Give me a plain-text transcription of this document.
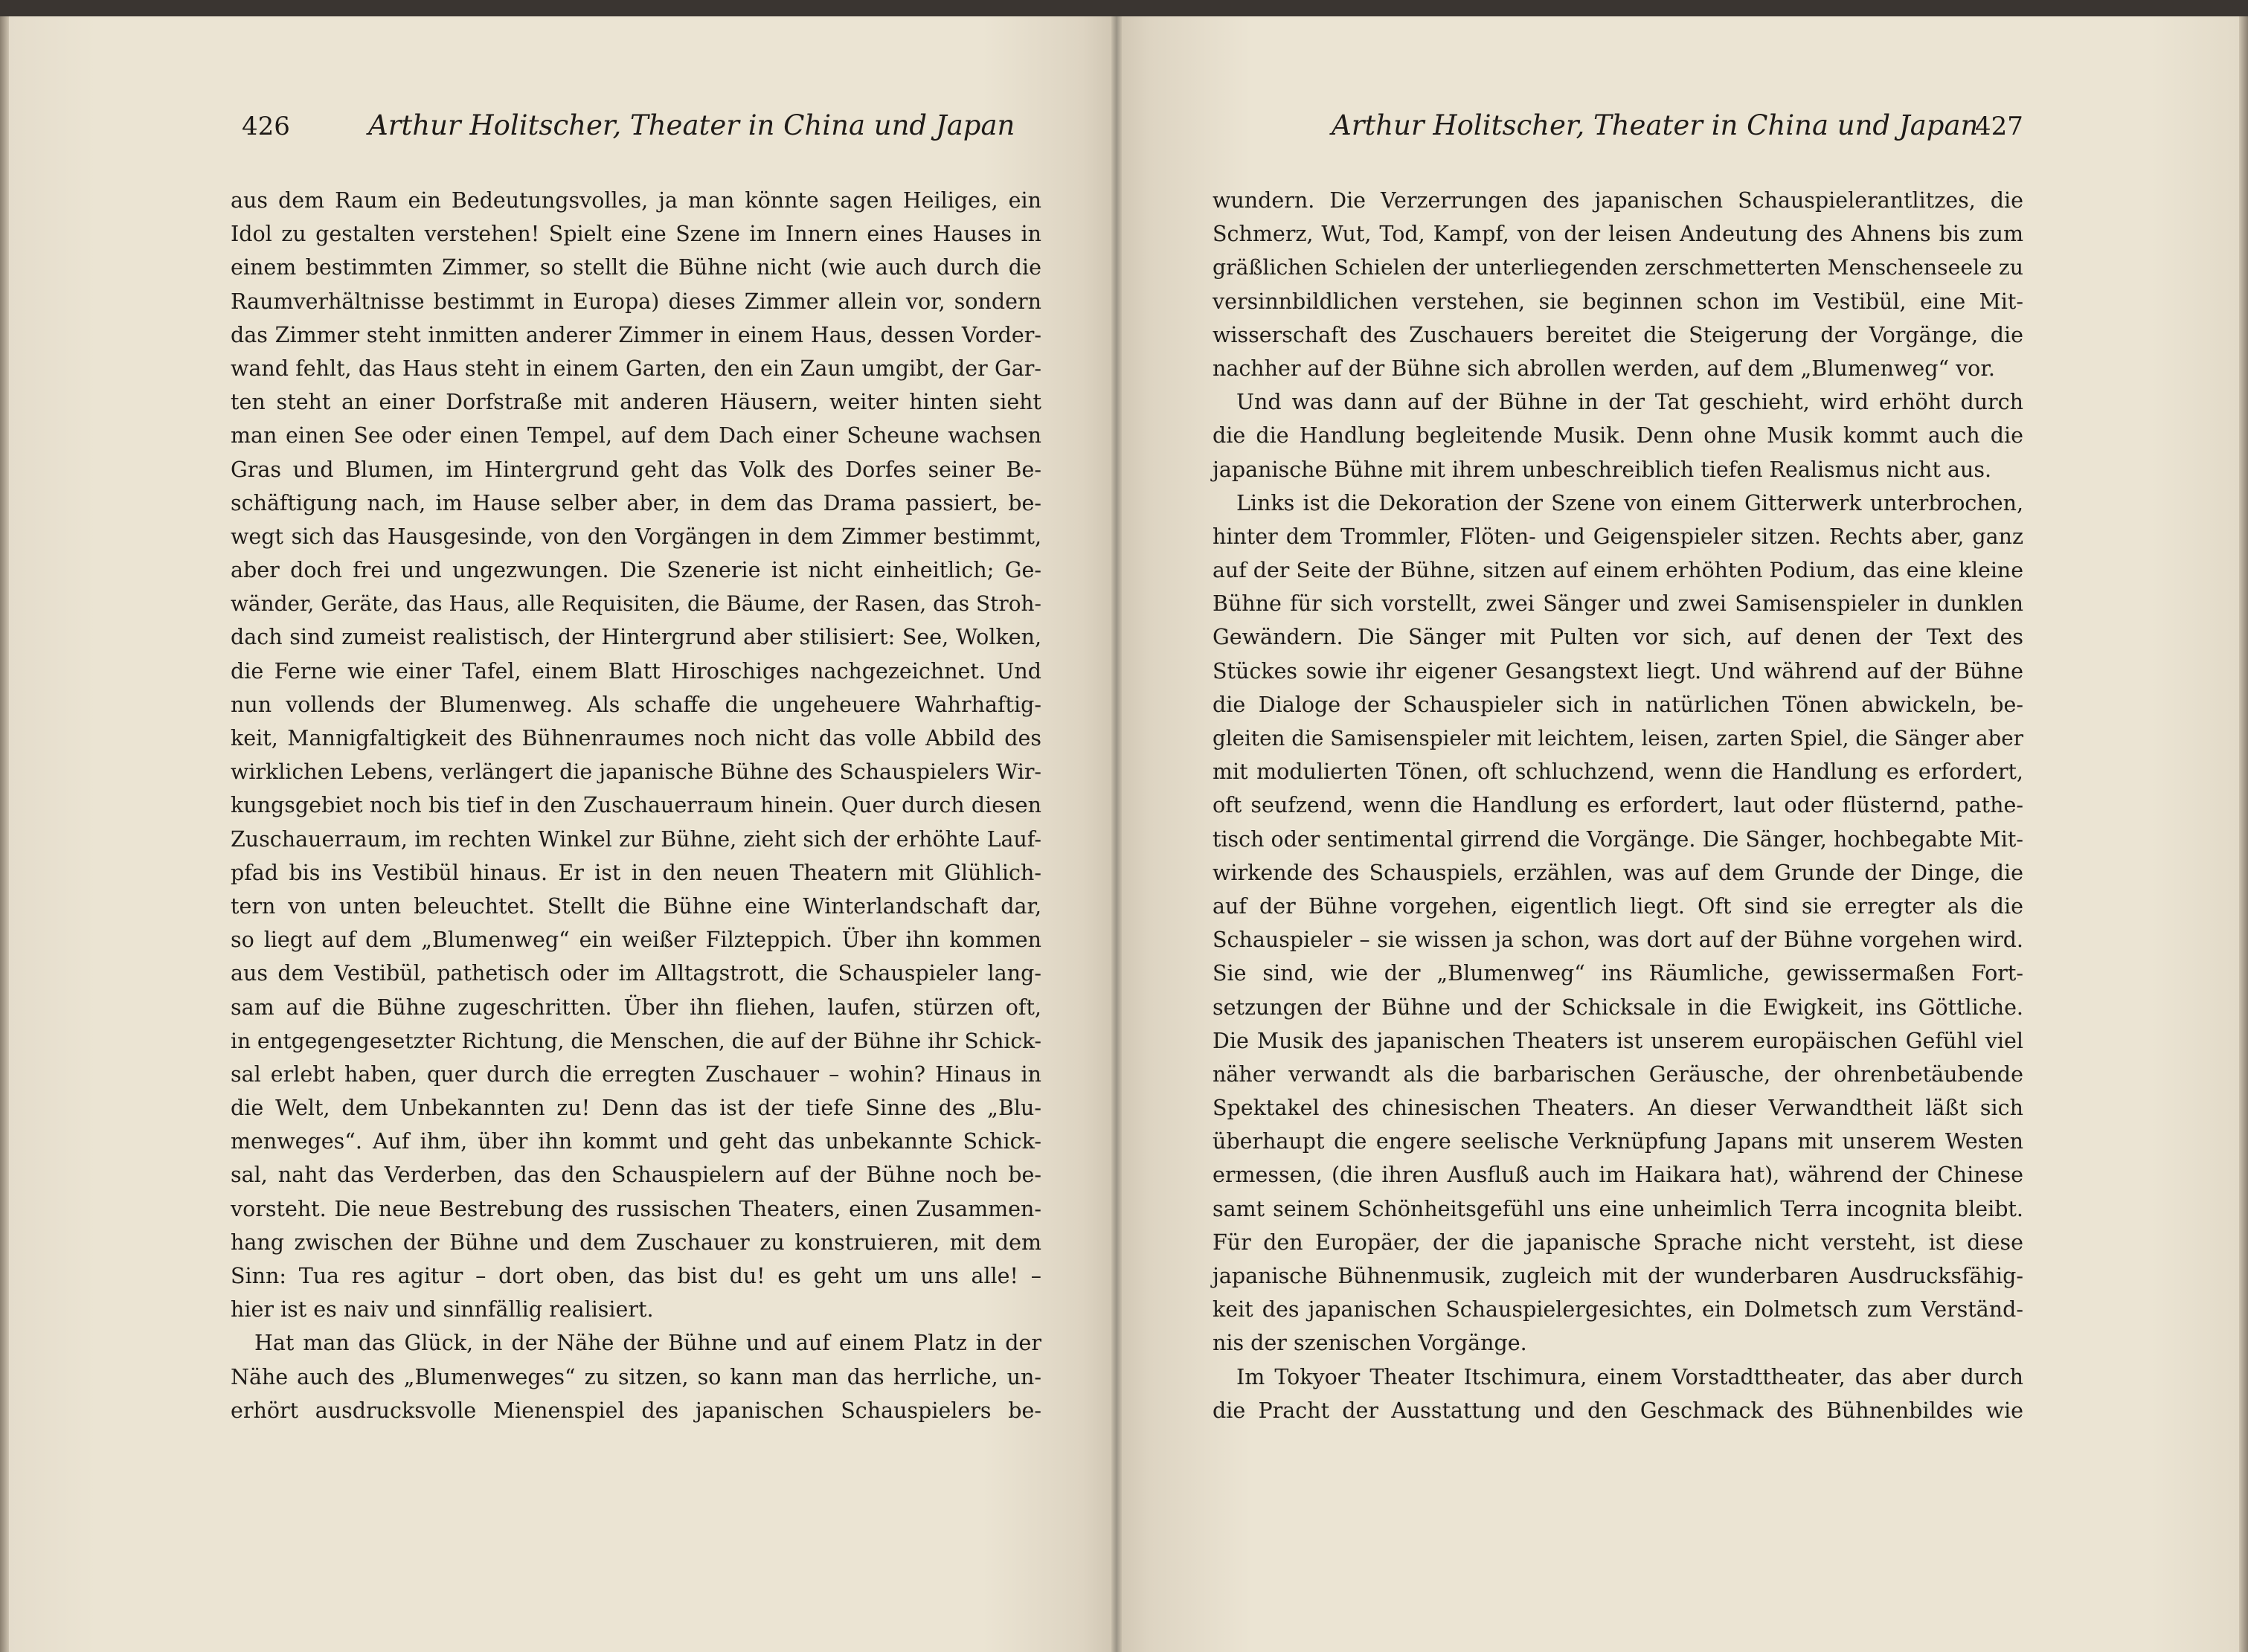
426	Arthur Holitscher, Theater in China und Japan
aus dem Raum ein Bedeutungsvolles, ja man könnte sagen Heiliges, ein
Idol zu gestalten verstehen! Spielt eine Szene im Innern eines Hauses in
einem bestimmten Zimmer, so stellt die Bühne nicht (wie auch durch die
Raumverhältnisse bestimmt in Europa) dieses Zimmer allein vor, sondern
das Zimmer steht inmitten anderer Zimmer in einem Haus, dessen Vorder-
wand fehlt, das Haus steht in einem Garten, den ein Zaun umgibt, der Gar-
ten steht an einer Dorfstraße mit anderen Häusern, weiter hinten sieht
man einen See oder einen Tempel, auf dem Dach einer Scheune wachsen
Gras und Blumen, im Hintergrund geht das Volk des Dorfes seiner Be-
schäftigung nach, im Hause selber aber, in dem das Drama passiert, be-
wegt sich das Hausgesinde, von den Vorgängen in dem Zimmer bestimmt,
aber doch frei und ungezwungen. Die Szenerie ist nicht einheitlich; Ge-
wänder, Geräte, das Haus, alle Requisiten, die Bäume, der Rasen, das Stroh-
dach sind zumeist realistisch, der Hintergrund aber stilisiert: See, Wolken,
die Ferne wie einer Tafel, einem Blatt Hiroschiges nachgezeichnet. Und
nun vollends der Blumenweg. Als schaffe die ungeheuere Wahrhaftig-
keit, Mannigfaltigkeit des Bühnenraumes noch nicht das volle Abbild des
wirklichen Lebens, verlängert die japanische Bühne des Schauspielers Wir-
kungsgebiet noch bis tief in den Zuschauerraum hinein. Quer durch diesen
Zuschauerraum, im rechten Winkel zur Bühne, zieht sich der erhöhte Lauf-
pfad bis ins Vestibül hinaus. Er ist in den neuen Theatern mit Glühlich-
tern von unten beleuchtet. Stellt die Bühne eine Winterlandschaft dar,
so liegt auf dem „Blumenweg“ ein weißer Filzteppich. Über ihn kommen
aus dem Vestibül, pathetisch oder im Alltagstrott, die Schauspieler lang-
sam auf die Bühne zugeschritten. Über ihn fliehen, laufen, stürzen oft,
in entgegengesetzter Richtung, die Menschen, die auf der Bühne ihr Schick-
sal erlebt haben, quer durch die erregten Zuschauer – wohin? Hinaus in
die Welt, dem Unbekannten zu! Denn das ist der tiefe Sinne des „Blu-
menweges“. Auf ihm, über ihn kommt und geht das unbekannte Schick-
sal, naht das Verderben, das den Schauspielern auf der Bühne noch be-
vorsteht. Die neue Bestrebung des russischen Theaters, einen Zusammen-
hang zwischen der Bühne und dem Zuschauer zu konstruieren, mit dem
Sinn: Tua res agitur – dort oben, das bist du! es geht um uns alle! –
hier ist es naiv und sinnfällig realisiert.
Hat man das Glück, in der Nähe der Bühne und auf einem Platz in der
Nähe auch des „Blumenweges“ zu sitzen, so kann man das herrliche, un-
erhört ausdrucksvolle Mienenspiel des japanischen Schauspielers be-
Arthur Holitscher, Theater in China und Japan
427
wundern. Die Verzerrungen des japanischen Schauspielerantlitzes, die
Schmerz, Wut, Tod, Kampf, von der leisen Andeutung des Ahnens bis zum
gräßlichen Schielen der unterliegenden zerschmetterten Menschenseele zu
versinnbildlichen verstehen, sie beginnen schon im Vestibül, eine Mit-
wisserschaft des Zuschauers bereitet die Steigerung der Vorgänge, die
nachher auf der Bühne sich abrollen werden, auf dem „Blumenweg“ vor.
Und was dann auf der Bühne in der Tat geschieht, wird erhöht durch
die die Handlung begleitende Musik. Denn ohne Musik kommt auch die
japanische Bühne mit ihrem unbeschreiblich tiefen Realismus nicht aus.
Links ist die Dekoration der Szene von einem Gitterwerk unterbrochen,
hinter dem Trommler, Flöten- und Geigenspieler sitzen. Rechts aber, ganz
auf der Seite der Bühne, sitzen auf einem erhöhten Podium, das eine kleine
Bühne für sich vorstellt, zwei Sänger und zwei Samisenspieler in dunklen
Gewändern. Die Sänger mit Pulten vor sich, auf denen der Text des
Stückes sowie ihr eigener Gesangstext liegt. Und während auf der Bühne
die Dialoge der Schauspieler sich in natürlichen Tönen abwickeln, be-
gleiten die Samisenspieler mit leichtem, leisen, zarten Spiel, die Sänger aber
mit modulierten Tönen, oft schluchzend, wenn die Handlung es erfordert,
oft seufzend, wenn die Handlung es erfordert, laut oder flüsternd, pathe-
tisch oder sentimental girrend die Vorgänge. Die Sänger, hochbegabte Mit-
wirkende des Schauspiels, erzählen, was auf dem Grunde der Dinge, die
auf der Bühne vorgehen, eigentlich liegt. Oft sind sie erregter als die
Schauspieler – sie wissen ja schon, was dort auf der Bühne vorgehen wird.
Sie sind, wie der „Blumenweg“ ins Räumliche, gewissermaßen Fort-
setzungen der Bühne und der Schicksale in die Ewigkeit, ins Göttliche.
Die Musik des japanischen Theaters ist unserem europäischen Gefühl viel
näher verwandt als die barbarischen Geräusche, der ohrenbetäubende
Spektakel des chinesischen Theaters. An dieser Verwandtheit läßt sich
überhaupt die engere seelische Verknüpfung Japans mit unserem Westen
ermessen, (die ihren Ausfluß auch im Haikara hat), während der Chinese
samt seinem Schönheitsgefühl uns eine unheimlich Terra incognita bleibt.
Für den Europäer, der die japanische Sprache nicht versteht, ist diese
japanische Bühnenmusik, zugleich mit der wunderbaren Ausdrucksfähig-
keit des japanischen Schauspielergesichtes, ein Dolmetsch zum Verständ-
nis der szenischen Vorgänge.
Im Tokyoer Theater Itschimura, einem Vorstadttheater, das aber durch
die Pracht der Ausstattung und den Geschmack des Bühnenbildes wie
